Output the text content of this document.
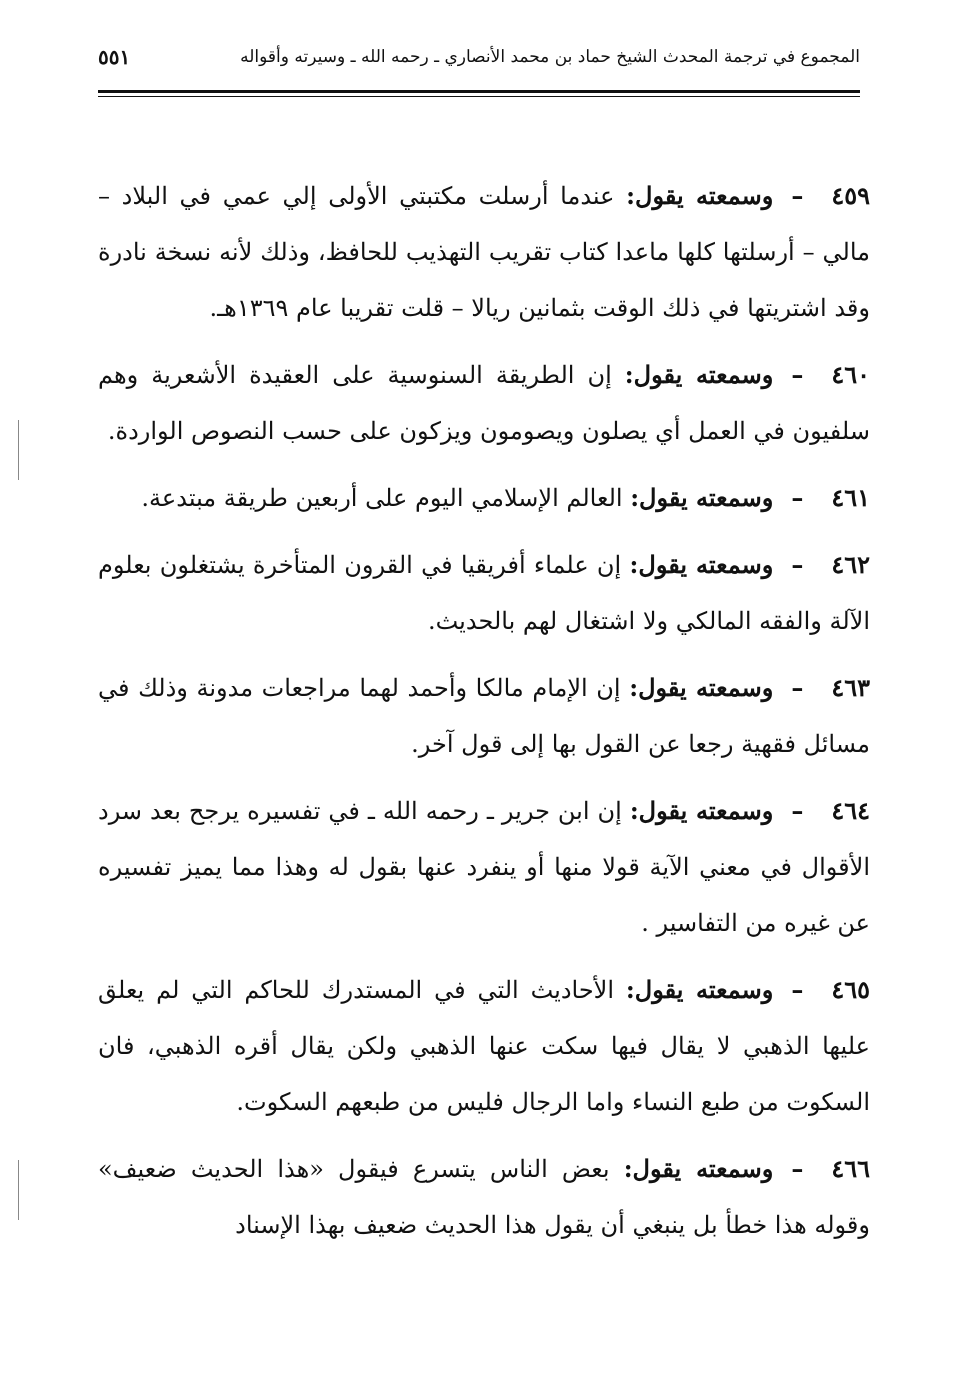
المجموع في ترجمة المحدث الشيخ حماد بن محمد الأنصاري ـ رحمه الله ـ وسيرته وأقواله
٥٥١

٤٥٩–وسمعته يقول: عندما أرسلت مكتبتي الأولى إلي عمي في البلاد – مالي – أرسلتها كلها ماعدا كتاب تقريب التهذيب للحافظ، وذلك لأنه نسخة نادرة وقد اشتريتها في ذلك الوقت بثمانين ريالا – قلت تقريبا عام ١٣٦٩هـ.

٤٦٠–وسمعته يقول: إن الطريقة السنوسية على العقيدة الأشعرية وهم سلفيون في العمل أي يصلون ويصومون ويزكون على حسب النصوص الواردة.

٤٦١–وسمعته يقول: العالم الإسلامي اليوم على أربعين طريقة مبتدعة.

٤٦٢–وسمعته يقول: إن علماء أفريقيا في القرون المتأخرة يشتغلون بعلوم الآلة والفقه المالكي ولا اشتغال لهم بالحديث.

٤٦٣–وسمعته يقول: إن الإمام مالكا وأحمد لهما مراجعات مدونة وذلك في مسائل فقهية رجعا عن القول بها إلى قول آخر.

٤٦٤–وسمعته يقول: إن ابن جرير ـ رحمه الله ـ في تفسيره يرجح بعد سرد الأقوال في معني الآية قولا منها أو ينفرد عنها بقول له وهذا مما يميز تفسيره عن غيره من التفاسير .

٤٦٥–وسمعته يقول: الأحاديث التي في المستدرك للحاكم التي لم يعلق عليها الذهبي لا يقال فيها سكت عنها الذهبي ولكن يقال أقره الذهبي، فان السكوت من طبع النساء واما الرجال فليس من طبعهم السكوت.

٤٦٦–وسمعته يقول: بعض الناس يتسرع فيقول «هذا الحديث ضعيف» وقوله هذا خطأ بل ينبغي أن يقول هذا الحديث ضعيف بهذا الإسناد
